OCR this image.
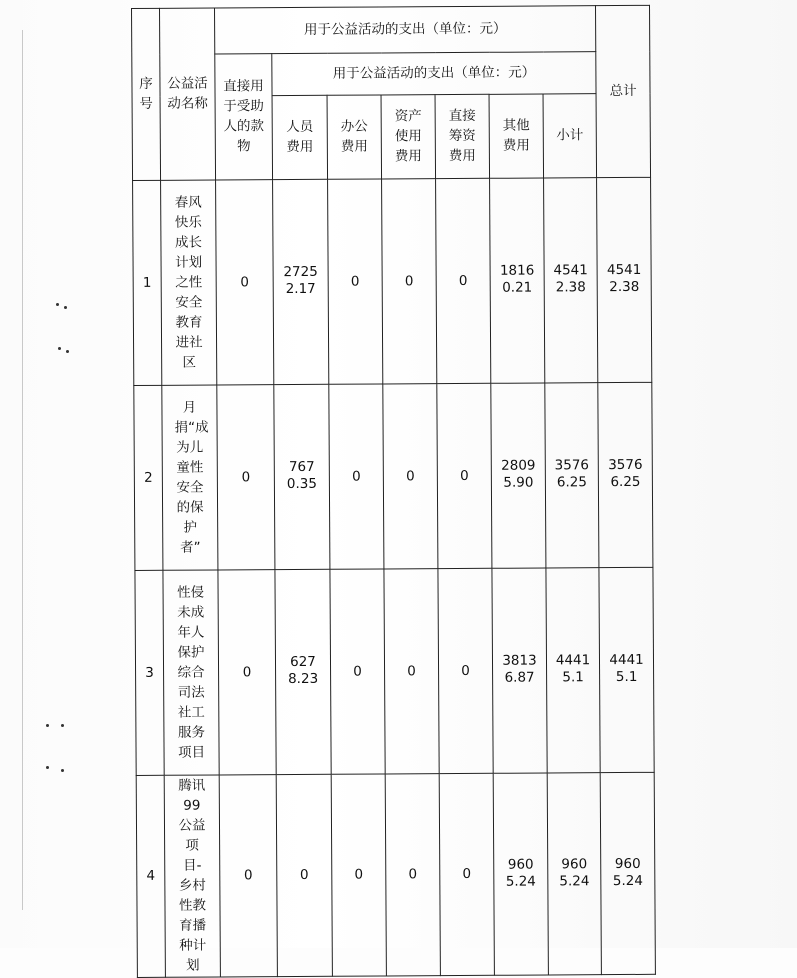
序号	公益活动名称	用于公益活动的支出（单位：元）							总计
		直接用于受助人的款物	用于公益活动的支出（单位：元）						
			人员费用	办公费用	资产使用费用	直接筹资费用	其他费用	小计	
1	春风快乐成长计划之性安全教育进社区	0	27252.17	0	0	0	18160.21	45412.38	45412.38
2	月捐“成为儿童性安全的保护者”	0	7670.35	0	0	0	28095.90	35766.25	35766.25
3	性侵未成年人保护综合司法社工服务项目	0	6278.23	0	0	0	38136.87	44415.1	44415.1
4	腾讯99公益项目-乡村性教育播种计划	0	0	0	0	0	9605.24	9605.24	9605.24
